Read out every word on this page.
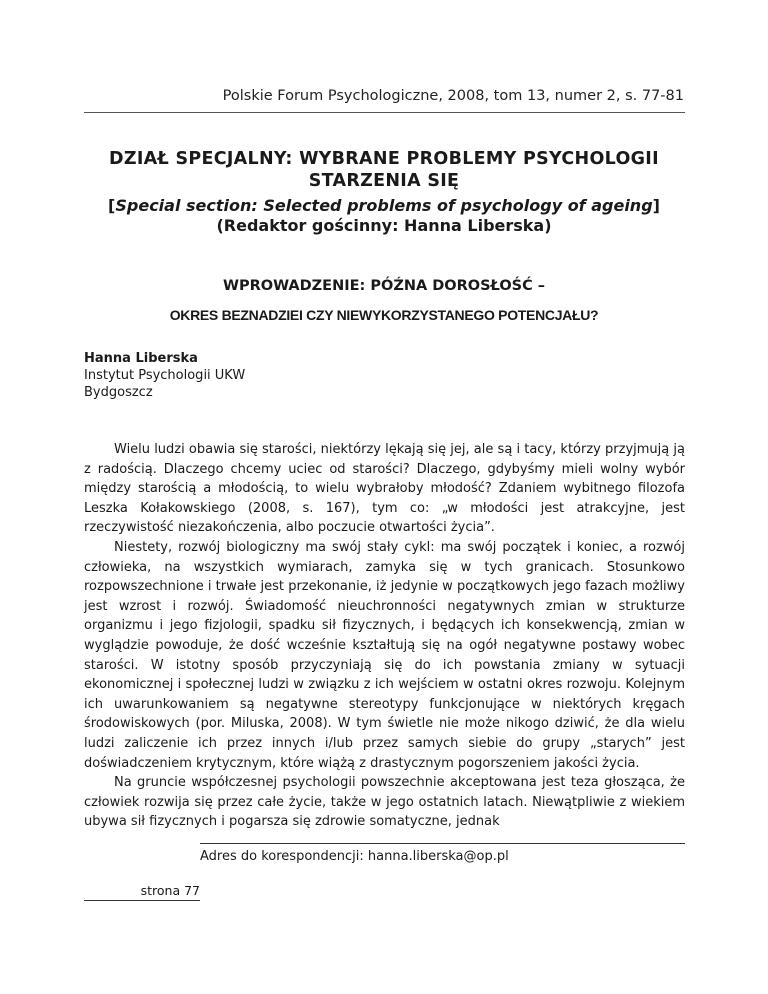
Polskie Forum Psychologiczne, 2008, tom 13, numer 2, s. 77-81
DZIAŁ SPECJALNY: WYBRANE PROBLEMY PSYCHOLOGII
STARZENIA SIĘ
[Special section: Selected problems of psychology of ageing]
(Redaktor gościnny: Hanna Liberska)
WPROWADZENIE: PÓŹNA DOROSŁOŚĆ –
OKRES BEZNADZIEI CZY NIEWYKORZYSTANEGO POTENCJAŁU?
Hanna Liberska
Instytut Psychologii UKW
Bydgoszcz

Wielu ludzi obawia się starości, niektórzy lękają się jej, ale są i tacy, którzy przyjmują ją z radością. Dlaczego chcemy uciec od starości? Dlaczego, gdybyśmy mieli wolny wybór między starością a młodością, to wielu wybrałoby młodość? Zdaniem wybitnego filozofa Leszka Kołakowskiego (2008, s. 167), tym co: „w młodości jest atrakcyjne, jest rzeczywistość niezakończenia, albo poczucie otwartości życia”.

Niestety, rozwój biologiczny ma swój stały cykl: ma swój początek i koniec, a rozwój człowieka, na wszystkich wymiarach, zamyka się w tych granicach. Stosunkowo rozpowszechnione i trwałe jest przekonanie, iż jedynie w początkowych jego fazach możliwy jest wzrost i rozwój. Świadomość nieuchronności negatywnych zmian w strukturze organizmu i jego fizjologii, spadku sił fizycznych, i będących ich konsekwencją, zmian w wyglądzie powoduje, że dość wcześnie kształtują się na ogół negatywne postawy wobec starości. W istotny sposób przyczyniają się do ich powstania zmiany w sytuacji ekonomicznej i społecznej ludzi w związku z ich wejściem w ostatni okres rozwoju. Kolejnym ich uwarunkowaniem są negatywne stereotypy funkcjonujące w niektórych kręgach środowiskowych (por. Miluska, 2008). W tym świetle nie może nikogo dziwić, że dla wielu ludzi zaliczenie ich przez innych i/lub przez samych siebie do grupy „starych” jest doświadczeniem krytycznym, które wiążą z drastycznym pogorszeniem jakości życia.

Na gruncie współczesnej psychologii powszechnie akceptowana jest teza głosząca, że człowiek rozwija się przez całe życie, także w jego ostatnich latach. Niewątpliwie z wiekiem ubywa sił fizycznych i pogarsza się zdrowie somatyczne, jednak

Adres do korespondencji: hanna.liberska@op.pl
strona 77
